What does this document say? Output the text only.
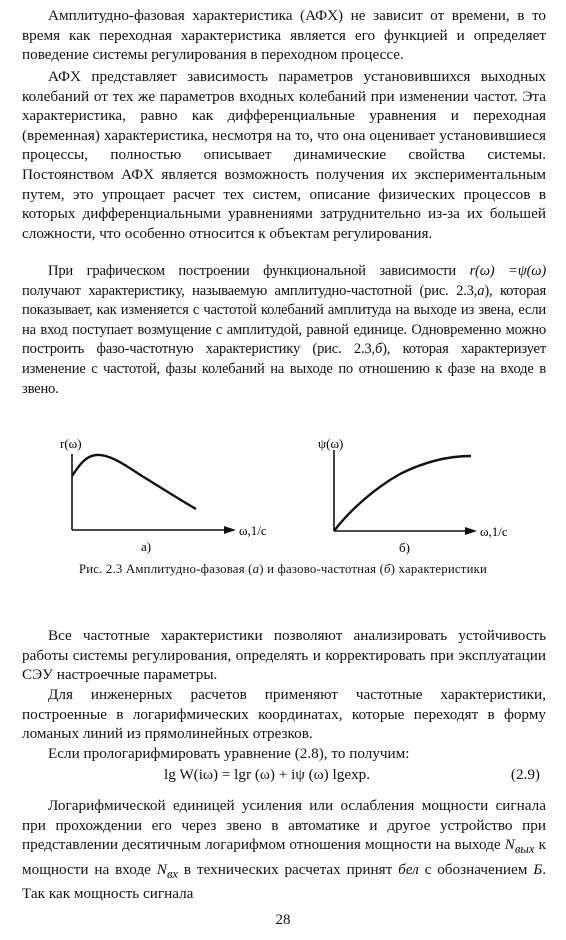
Амплитудно-фазовая характеристика (АФХ) не зависит от времени, в то время как переходная характеристика является его функцией и определяет поведение системы регулирования в переходном процессе.

АФХ представляет зависимость параметров установившихся выходных колебаний от тех же параметров входных колебаний при изменении частот. Эта характеристика, равно как дифференциальные уравнения и переходная (временная) характеристика, несмотря на то, что она оценивает установившиеся процессы, полностью описывает динамические свойства системы. Постоянством АФХ является возможность получения их экспериментальным путем, это упрощает расчет тех систем, описание физических процессов в которых дифференциальными уравнениями затруднительно из-за их большей сложности, что особенно относится к объектам регулирования.

При графическом построении функциональной зависимости r(ω) =ψ(ω) получают характеристику, называемую амплитудно-частотной (рис. 2.3,а), которая показывает, как изменяется с частотой колебаний амплитуда на выходе из звена, если на вход поступает возмущение с амплитудой, равной единице. Одновременно можно построить фазо-частотную характеристику (рис. 2.3,б), которая характеризует изменение с частотой, фазы колебаний на выходе по отношению к фазе на входе в звено.

r(ω)
ω,1/c
а)
ψ(ω)
ω,1/c
б)
Рис. 2.3 Амплитудно-фазовая (а) и фазово-частотная (б) характеристики

Все частотные характеристики позволяют анализировать устойчивость работы системы регулирования, определять и корректировать при эксплуатации СЭУ настроечные параметры.

Для инженерных расчетов применяют частотные характеристики, построенные в логарифмических координатах, которые переходят в форму ломаных линий из прямолинейных отрезков.

Если прологарифмировать уравнение (2.8), то получим:

lg W(iω) = lgr (ω) + iψ (ω) lgexp.	(2.9)

Логарифмической единицей усиления или ослабления мощности сигнала при прохождении его через звено в автоматике и другое устройство при представлении десятичным логарифмом отношения мощности на выходе $N_{вых}$ к мощности на входе $N_{вх}$ в технических расчетах принят бел с обозначением Б. Так как мощность сигнала

28
